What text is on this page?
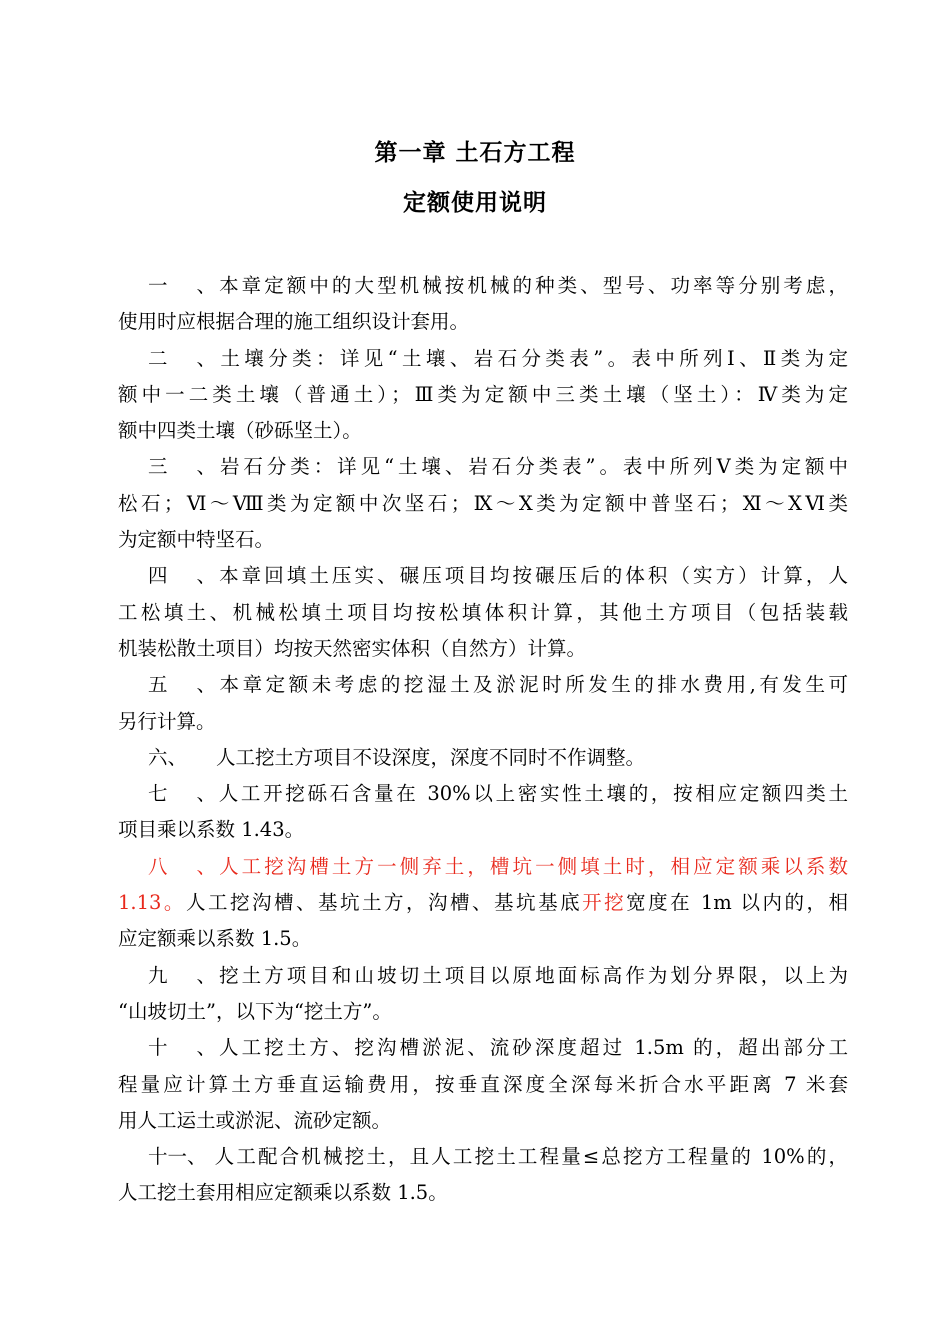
第一章 土石方工程
定额使用说明
一、本章定额中的大型机械按机械的种类、型号、功率等分别考虑，
使用时应根据合理的施工组织设计套用。
二、土壤分类：详见“土壤、岩石分类表”。表中所列Ⅰ、Ⅱ类为定
额中一二类土壤（普通土）；Ⅲ类为定额中三类土壤（坚土）：Ⅳ类为定
额中四类土壤（砂砾坚土）。
三、岩石分类：详见“土壤、岩石分类表”。表中所列Ⅴ类为定额中
松石；Ⅵ～Ⅷ类为定额中次坚石；Ⅸ～Ⅹ类为定额中普坚石；Ⅺ～ⅩⅥ类
为定额中特坚石。
四、本章回填土压实、碾压项目均按碾压后的体积（实方）计算，人
工松填土、机械松填土项目均按松填体积计算，其他土方项目（包括装载
机装松散土项目）均按天然密实体积（自然方）计算。
五、本章定额未考虑的挖湿土及淤泥时所发生的排水费用,有发生可
另行计算。
六、 人工挖土方项目不设深度，深度不同时不作调整。
七、人工开挖砾石含量在 30%以上密实性土壤的，按相应定额四类土
项目乘以系数 1.43。
八、人工挖沟槽土方一侧弃土，槽坑一侧填土时，相应定额乘以系数
1.13。人工挖沟槽、基坑土方，沟槽、基坑基底开挖宽度在 1m 以内的，相
应定额乘以系数 1.5。
九、挖土方项目和山坡切土项目以原地面标高作为划分界限，以上为
“山坡切土”，以下为“挖土方”。
十、人工挖土方、挖沟槽淤泥、流砂深度超过 1.5m 的，超出部分工
程量应计算土方垂直运输费用，按垂直深度全深每米折合水平距离 7 米套
用人工运土或淤泥、流砂定额。
十一、 人工配合机械挖土，且人工挖土工程量≤总挖方工程量的 10%的，
人工挖土套用相应定额乘以系数 1.5。
